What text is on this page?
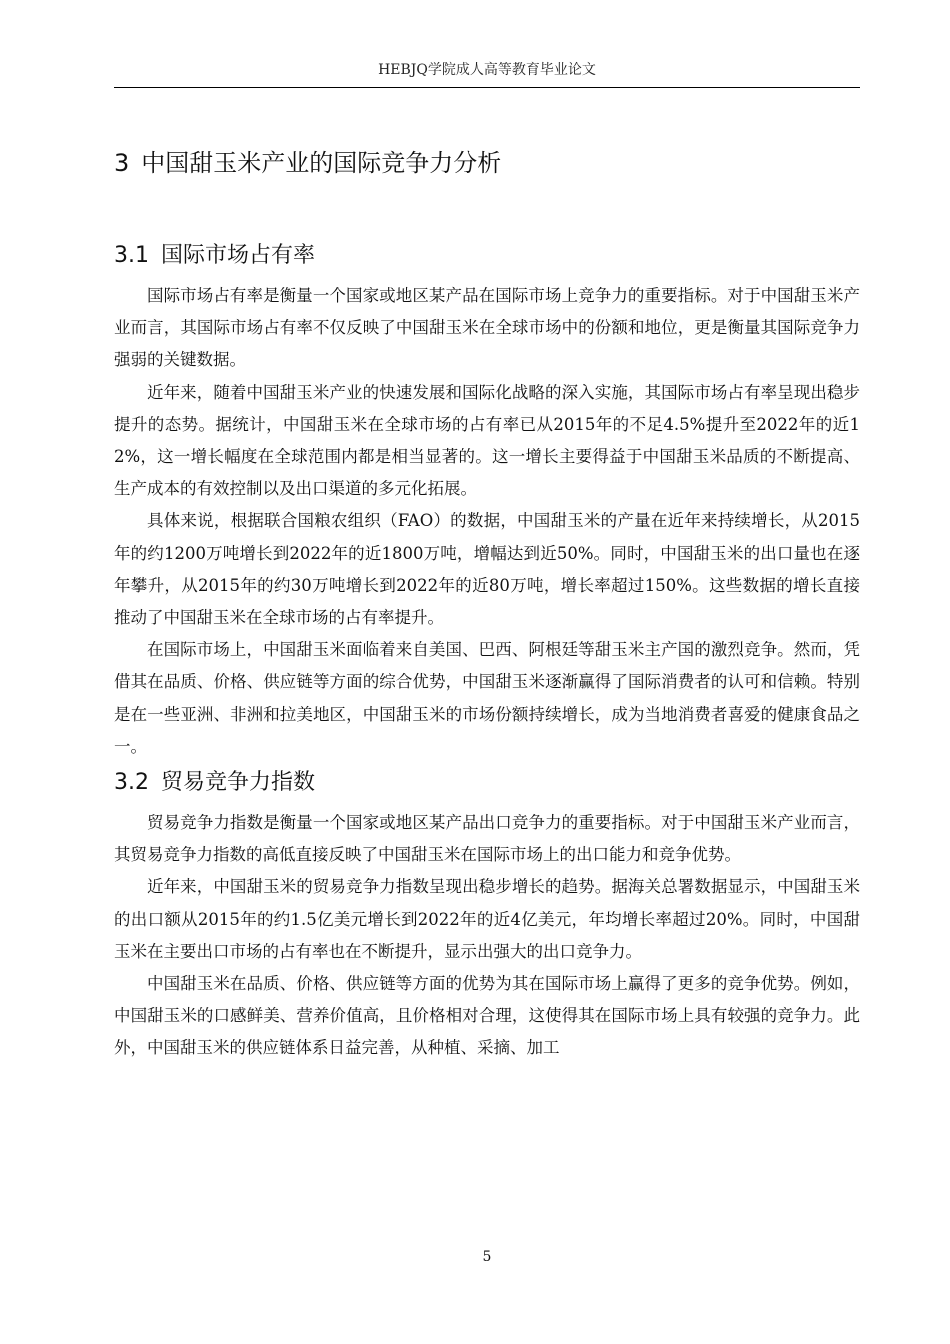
HEBJQ学院成人高等教育毕业论文
3 中国甜玉米产业的国际竞争力分析
3.1 国际市场占有率

国际市场占有率是衡量一个国家或地区某产品在国际市场上竞争力的重要指标。对于中国甜玉米产业而言，其国际市场占有率不仅反映了中国甜玉米在全球市场中的份额和地位，更是衡量其国际竞争力强弱的关键数据。

近年来，随着中国甜玉米产业的快速发展和国际化战略的深入实施，其国际市场占有率呈现出稳步提升的态势。据统计，中国甜玉米在全球市场的占有率已从2015年的不足4.5%提升至2022年的近12%，这一增长幅度在全球范围内都是相当显著的。这一增长主要得益于中国甜玉米品质的不断提高、生产成本的有效控制以及出口渠道的多元化拓展。

具体来说，根据联合国粮农组织（FAO）的数据，中国甜玉米的产量在近年来持续增长，从2015年的约1200万吨增长到2022年的近1800万吨，增幅达到近50%。同时，中国甜玉米的出口量也在逐年攀升，从2015年的约30万吨增长到2022年的近80万吨，增长率超过150%。这些数据的增长直接推动了中国甜玉米在全球市场的占有率提升。

在国际市场上，中国甜玉米面临着来自美国、巴西、阿根廷等甜玉米主产国的激烈竞争。然而，凭借其在品质、价格、供应链等方面的综合优势，中国甜玉米逐渐赢得了国际消费者的认可和信赖。特别是在一些亚洲、非洲和拉美地区，中国甜玉米的市场份额持续增长，成为当地消费者喜爱的健康食品之一。

3.2 贸易竞争力指数

贸易竞争力指数是衡量一个国家或地区某产品出口竞争力的重要指标。对于中国甜玉米产业而言，其贸易竞争力指数的高低直接反映了中国甜玉米在国际市场上的出口能力和竞争优势。

近年来，中国甜玉米的贸易竞争力指数呈现出稳步增长的趋势。据海关总署数据显示，中国甜玉米的出口额从2015年的约1.5亿美元增长到2022年的近4亿美元，年均增长率超过20%。同时，中国甜玉米在主要出口市场的占有率也在不断提升，显示出强大的出口竞争力。

中国甜玉米在品质、价格、供应链等方面的优势为其在国际市场上赢得了更多的竞争优势。例如，中国甜玉米的口感鲜美、营养价值高，且价格相对合理，这使得其在国际市场上具有较强的竞争力。此外，中国甜玉米的供应链体系日益完善，从种植、采摘、加工

5
